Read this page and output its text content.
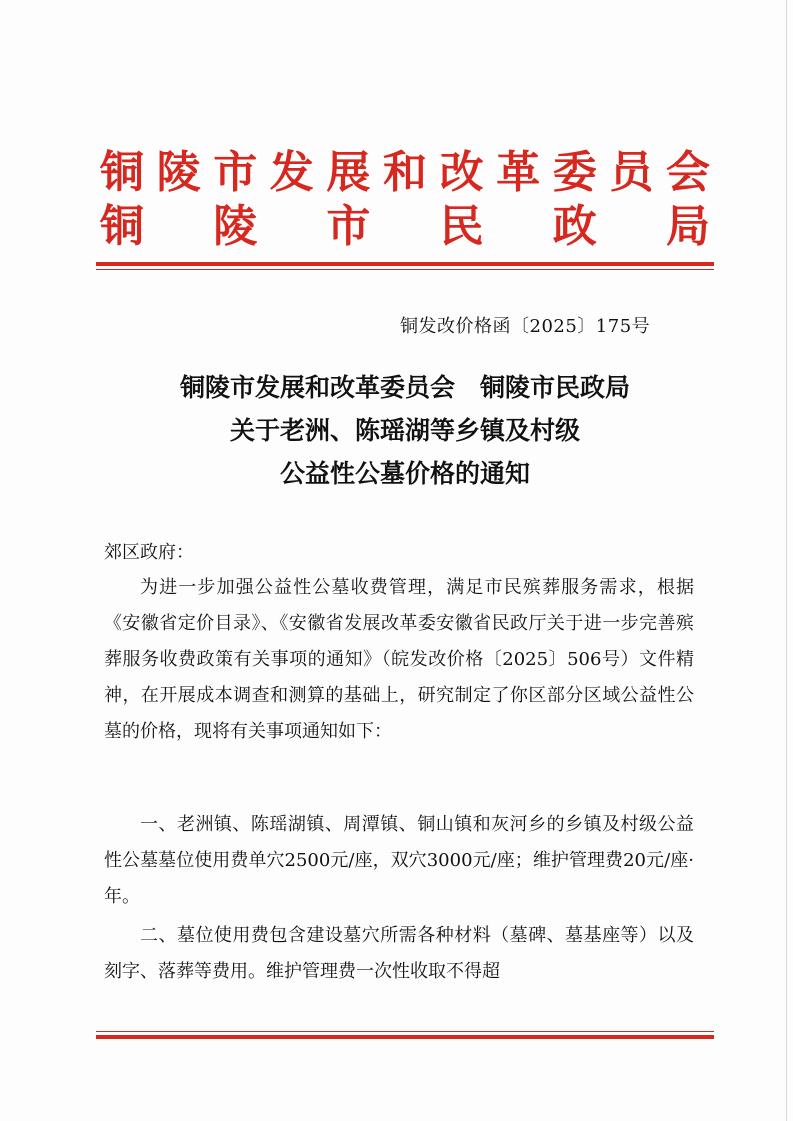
铜 陵 市 发 展 和 改 革 委 员 会
铜 陵 市 民 政 局
铜发改价格函〔2025〕175号
铜陵市发展和改革委员会　铜陵市民政局
关于老洲、陈瑶湖等乡镇及村级
公益性公墓价格的通知
郊区政府：
为进一步加强公益性公墓收费管理，满足市民殡葬服务需求，根据《安徽省定价目录》、《安徽省发展改革委安徽省民政厅关于进一步完善殡葬服务收费政策有关事项的通知》（皖发改价格〔2025〕506号）文件精神，在开展成本调查和测算的基础上，研究制定了你区部分区域公益性公墓的价格，现将有关事项通知如下：
一、老洲镇、陈瑶湖镇、周潭镇、铜山镇和灰河乡的乡镇及村级公益性公墓墓位使用费单穴2500元/座，双穴3000元/座；维护管理费20元/座·年。
二、墓位使用费包含建设墓穴所需各种材料（墓碑、墓基座等）以及刻字、落葬等费用。维护管理费一次性收取不得超
